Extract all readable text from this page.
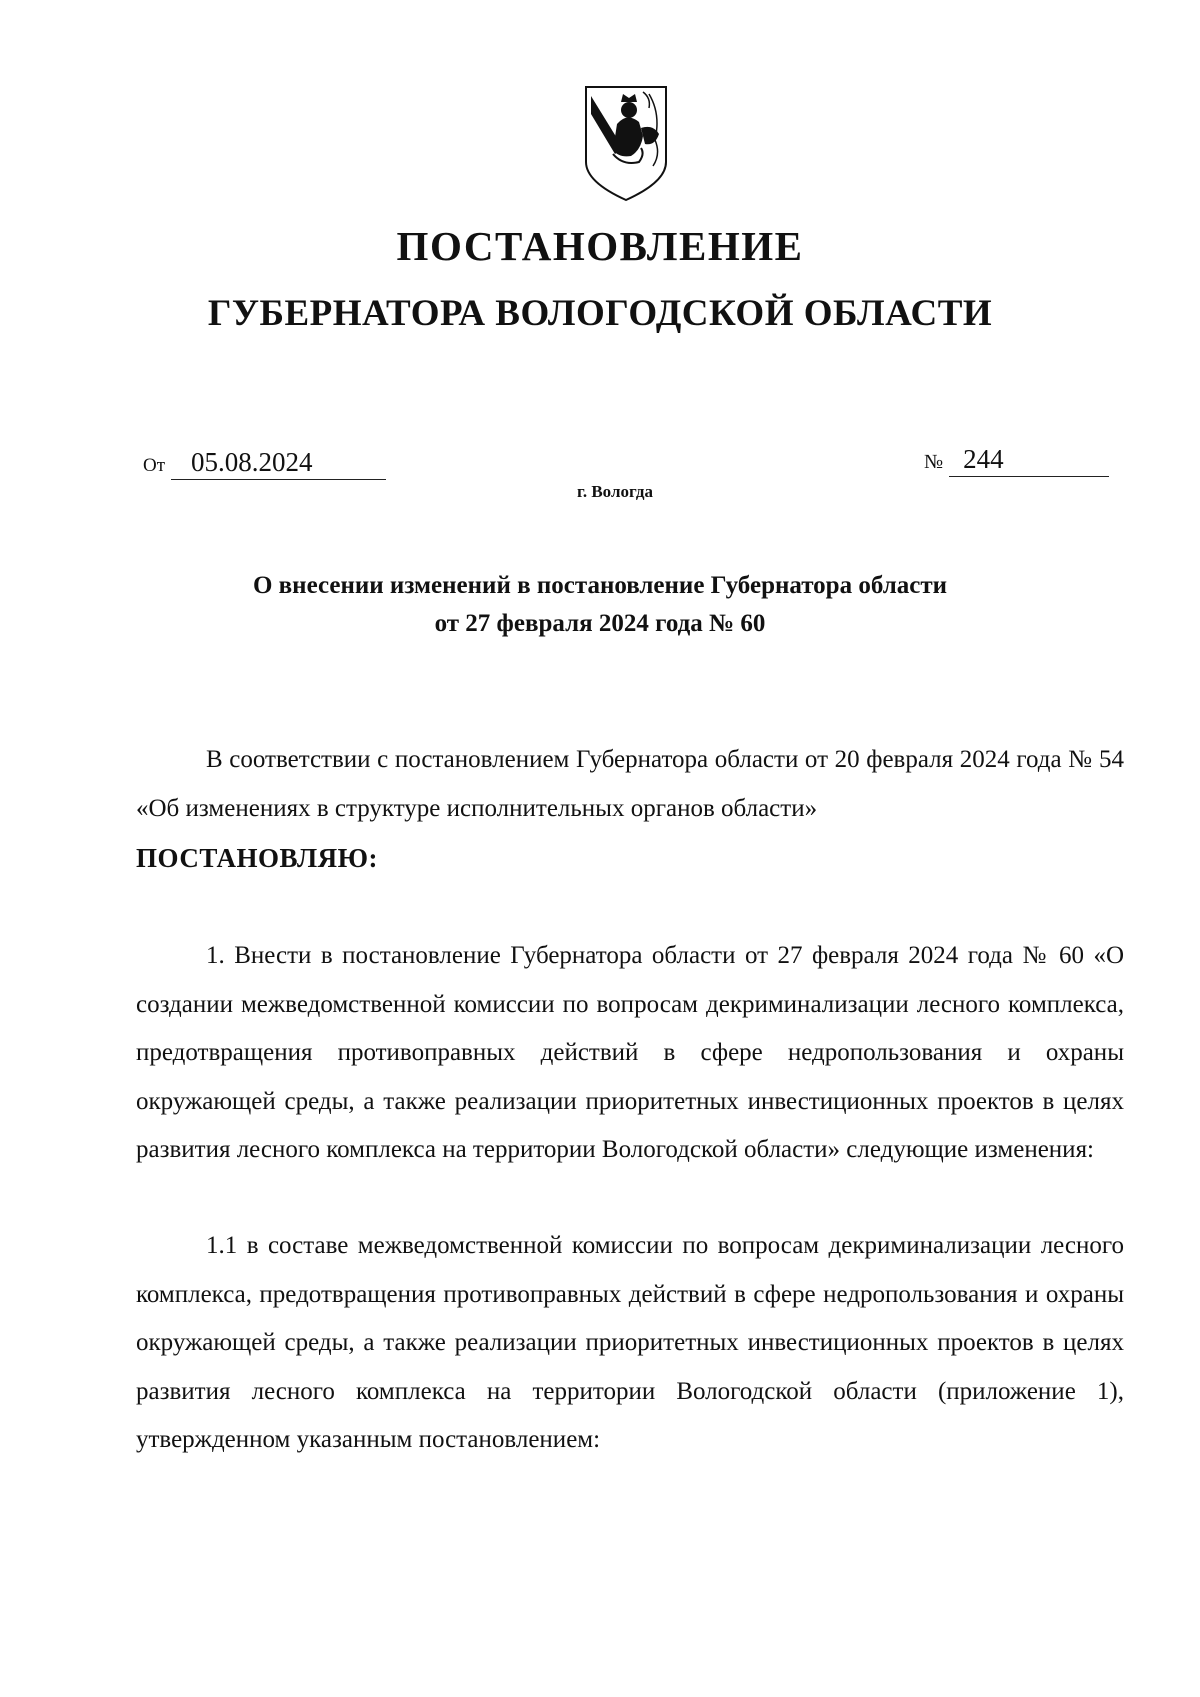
ПОСТАНОВЛЕНИЕ
ГУБЕРНАТОРА ВОЛОГОДСКОЙ ОБЛАСТИ
От 05.08.2024	№ 244
г. Вологда
О внесении изменений в постановление Губернатора области
от 27 февраля 2024 года № 60
В соответствии с постановлением Губернатора области от 20 февраля 2024 года № 54 «Об изменениях в структуре исполнительных органов области»
ПОСТАНОВЛЯЮ:
1. Внести в постановление Губернатора области от 27 февраля 2024 года № 60 «О создании межведомственной комиссии по вопросам декриминализации лесного комплекса, предотвращения противоправных действий в сфере недропользования и охраны окружающей среды, а также реализации приоритетных инвестиционных проектов в целях развития лесного комплекса на территории Вологодской области» следующие изменения:
1.1 в составе межведомственной комиссии по вопросам декриминализации лесного комплекса, предотвращения противоправных действий в сфере недропользования и охраны окружающей среды, а также реализации приоритетных инвестиционных проектов в целях развития лесного комплекса на территории Вологодской области (приложение 1), утвержденном указанным постановлением:
